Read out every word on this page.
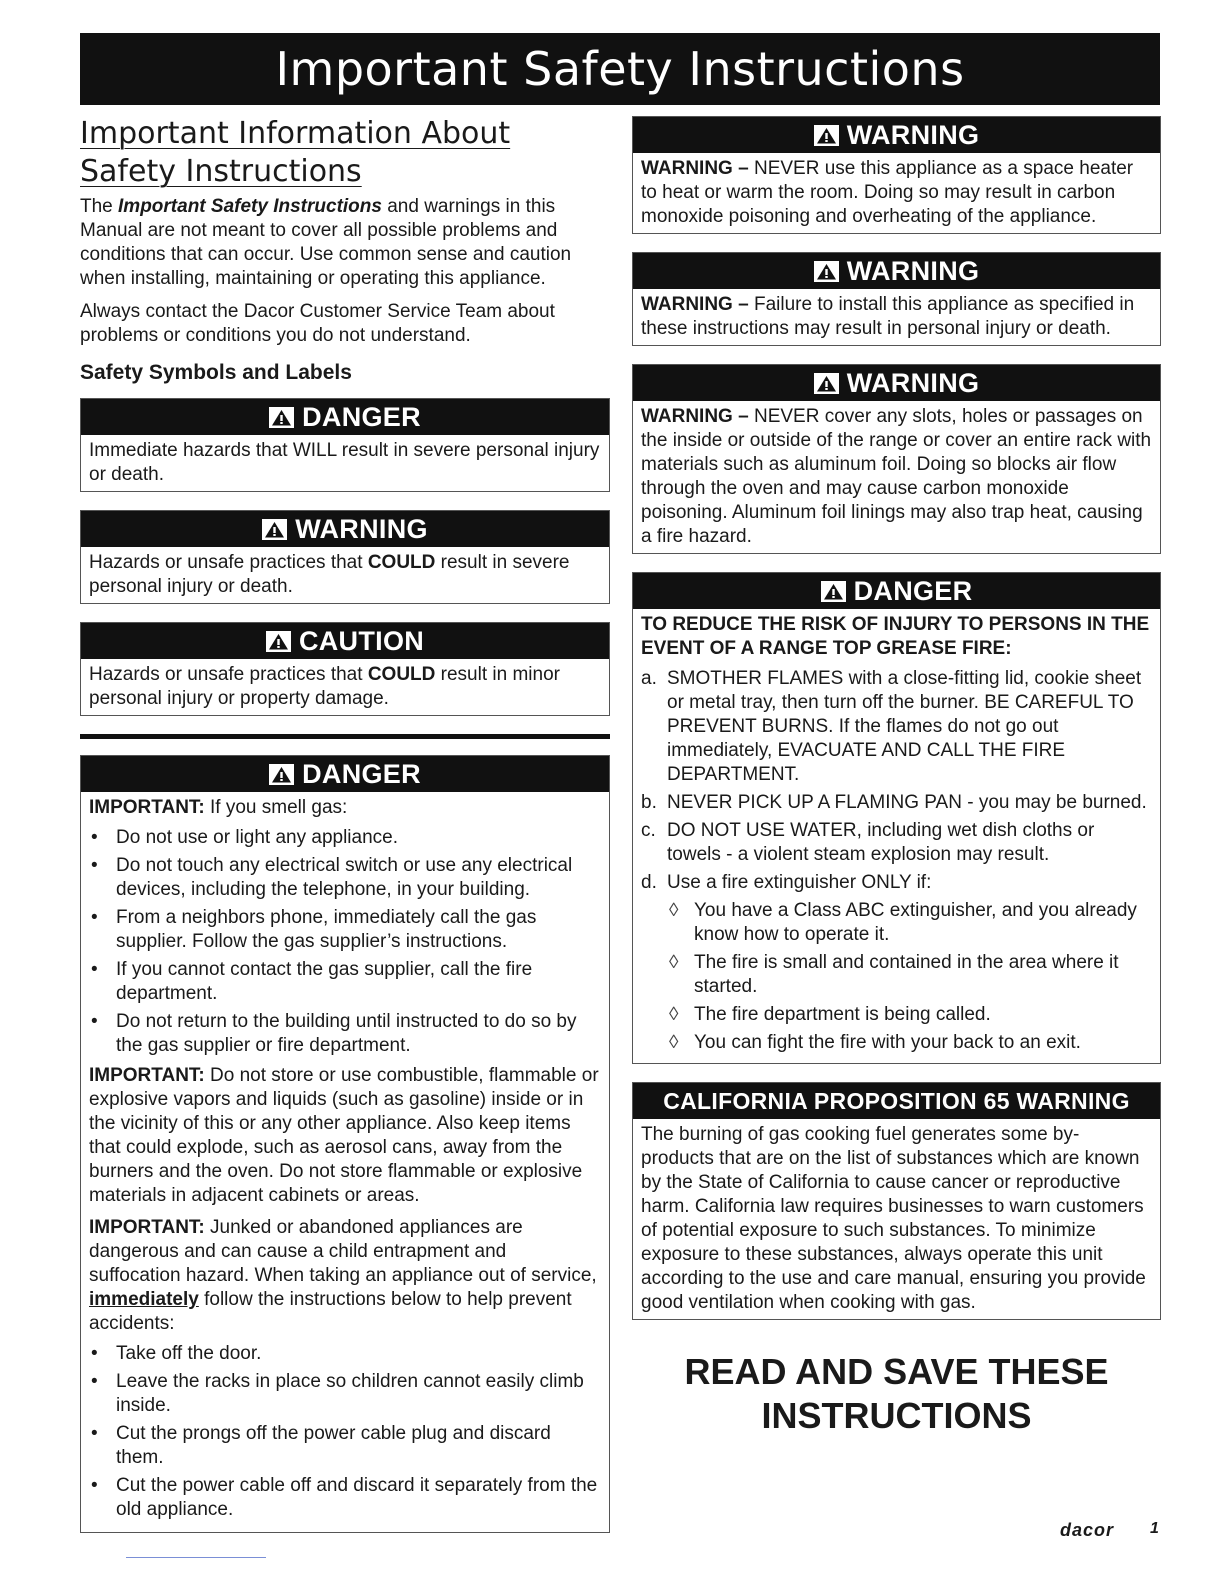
Important Safety Instructions
Important Information About Safety Instructions

The Important Safety Instructions and warnings in this Manual are not meant to cover all possible problems and conditions that can occur. Use common sense and caution when installing, maintaining or operating this appliance.

Always contact the Dacor Customer Service Team about problems or conditions you do not understand.

Safety Symbols and Labels
DANGER
Immediate hazards that WILL result in severe personal injury or death.
WARNING
Hazards or unsafe practices that COULD result in severe personal injury or death.
CAUTION
Hazards or unsafe practices that COULD result in minor personal injury or property damage.
DANGER
IMPORTANT: If you smell gas:
• Do not use or light any appliance.
• Do not touch any electrical switch or use any electrical devices, including the telephone, in your building.
• From a neighbors phone, immediately call the gas supplier. Follow the gas supplier’s instructions.
• If you cannot contact the gas supplier, call the fire department.
• Do not return to the building until instructed to do so by the gas supplier or fire department.
IMPORTANT: Do not store or use combustible, flammable or explosive vapors and liquids (such as gasoline) inside or in the vicinity of this or any other appliance. Also keep items that could explode, such as aerosol cans, away from the burners and the oven. Do not store flammable or explosive materials in adjacent cabinets or areas.
IMPORTANT: Junked or abandoned appliances are dangerous and can cause a child entrapment and suffocation hazard. When taking an appliance out of service, immediately follow the instructions below to help prevent accidents:
• Take off the door.
• Leave the racks in place so children cannot easily climb inside.
• Cut the prongs off the power cable plug and discard them.
• Cut the power cable off and discard it separately from the old appliance.
WARNING
WARNING – NEVER use this appliance as a space heater to heat or warm the room. Doing so may result in carbon monoxide poisoning and overheating of the appliance.
WARNING
WARNING – Failure to install this appliance as specified in these instructions may result in personal injury or death.
WARNING
WARNING – NEVER cover any slots, holes or passages on the inside or outside of the range or cover an entire rack with materials such as aluminum foil. Doing so blocks air flow through the oven and may cause carbon monoxide poisoning. Aluminum foil linings may also trap heat, causing a fire hazard.
DANGER
TO REDUCE THE RISK OF INJURY TO PERSONS IN THE EVENT OF A RANGE TOP GREASE FIRE:
a. SMOTHER FLAMES with a close-fitting lid, cookie sheet or metal tray, then turn off the burner. BE CAREFUL TO PREVENT BURNS. If the flames do not go out immediately, EVACUATE AND CALL THE FIRE DEPARTMENT.
b. NEVER PICK UP A FLAMING PAN - you may be burned.
c. DO NOT USE WATER, including wet dish cloths or towels - a violent steam explosion may result.
d. Use a fire extinguisher ONLY if:
◊ You have a Class ABC extinguisher, and you already know how to operate it.
◊ The fire is small and contained in the area where it started.
◊ The fire department is being called.
◊ You can fight the fire with your back to an exit.
CALIFORNIA PROPOSITION 65 WARNING
The burning of gas cooking fuel generates some by-products that are on the list of substances which are known by the State of California to cause cancer or reproductive harm. California law requires businesses to warn customers of potential exposure to such substances. To minimize exposure to these substances, always operate this unit according to the use and care manual, ensuring you provide good ventilation when cooking with gas.
READ AND SAVE THESE
INSTRUCTIONS
dacor 1
